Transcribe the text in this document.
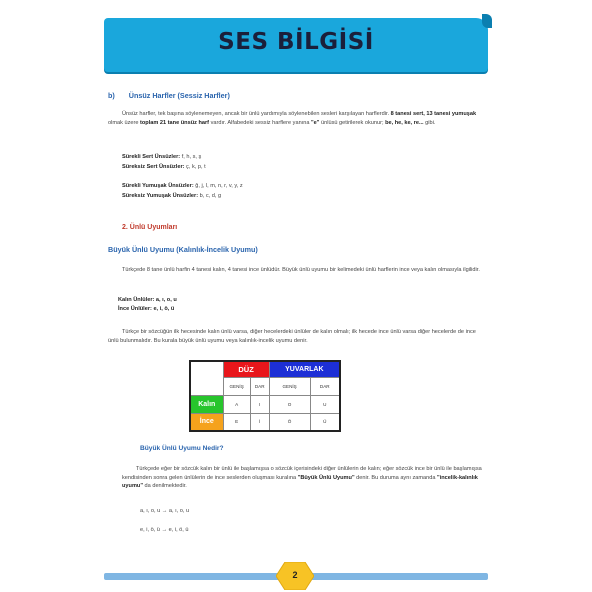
SES BİLGİSİ
b) Ünsüz Harfler (Sessiz Harfler)
Ünsüz harfler, tek başına söylenemeyen, ancak bir ünlü yardımıyla söylenebilen sesleri karşılayan harflerdir. 8 tanesi sert, 13 tanesi yumuşak olmak üzere toplam 21 tane ünsüz harf vardır. Alfabedeki sessiz harflere yanına "e" ünlüsü getirilerek okunur; be, he, ke, re... gibi.
Sürekli Sert Ünsüzler: f, h, s, ş
Süreksiz Sert Ünsüzler: ç, k, p, t
Sürekli Yumuşak Ünsüzler: ğ, j, l, m, n, r, v, y, z
Süreksiz Yumuşak Ünsüzler: b, c, d, g
2. Ünlü Uyumları
Büyük Ünlü Uyumu (Kalınlık-İncelik Uyumu)
Türkçede 8 tane ünlü harfin 4 tanesi kalın, 4 tanesi ince ünlüdür. Büyük ünlü uyumu bir kelimedeki ünlü harflerin ince veya kalın olmasıyla ilgilidir.
Kalın Ünlüler: a, ı, o, u
İnce Ünlüler: e, i, ö, ü
Türkçe bir sözcüğün ilk hecesinde kalın ünlü varsa, diğer hecelerdeki ünlüler de kalın olmalı; ilk hecede ince ünlü varsa diğer hecelerde de ince ünlü bulunmalıdır. Bu kurala büyük ünlü uyumu veya kalınlık-incelik uyumu denir.
	DÜZ		YUVARLAK	
	GENİŞ	DAR	GENİŞ	DAR
Kalın	A	I	O	U
İnce	E	İ	Ö	Ü
Büyük Ünlü Uyumu Nedir?
Türkçede eğer bir sözcük kalın bir ünlü ile başlamışsa o sözcük içerisindeki diğer ünlülerin de kalın; eğer sözcük ince bir ünlü ile başlamışsa kendisinden sonra gelen ünlülerin de ince seslerden oluşması kuralına "Büyük Ünlü Uyumu" denir. Bu duruma aynı zamanda "incelik-kalınlık uyumu" da denilmektedir.
a, ı, o, u → a, ı, o, u
e, i, ö, ü → e, i, ö, ü
2
